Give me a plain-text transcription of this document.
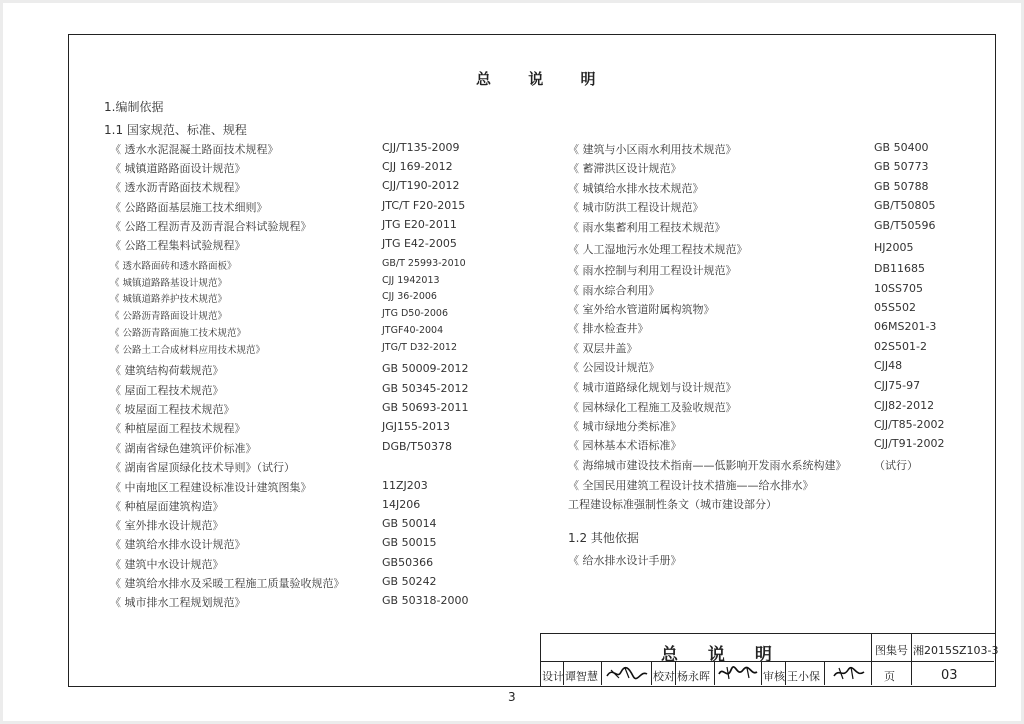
总 说 明
1.编制依据
1.1 国家规范、标准、规程
《 透水水泥混凝土路面技术规程》	CJJ/T135-2009
《 城镇道路路面设计规范》	CJJ 169-2012
《 透水沥青路面技术规程》	CJJ/T190-2012
《 公路路面基层施工技术细则》	JTC/T F20-2015
《 公路工程沥青及沥青混合料试验规程》	JTG E20-2011
《 公路工程集料试验规程》	JTG E42-2005
《 透水路面砖和透水路面板》	GB/T 25993-2010
《 城镇道路路基设计规范》	CJJ 1942013
《 城镇道路养护技术规范》	CJJ 36-2006
《 公路沥青路面设计规范》	JTG D50-2006
《 公路沥青路面施工技术规范》	JTGF40-2004
《 公路土工合成材料应用技术规范》	JTG/T D32-2012
《 建筑结构荷载规范》	GB 50009-2012
《 屋面工程技术规范》	GB 50345-2012
《 坡屋面工程技术规范》	GB 50693-2011
《 种植屋面工程技术规程》	JGJ155-2013
《 湖南省绿色建筑评价标准》	DGB/T50378
《 湖南省屋顶绿化技术导则》（试行）
《 中南地区工程建设标准设计建筑图集》	11ZJ203
《 种植屋面建筑构造》	14J206
《 室外排水设计规范》	GB 50014
《 建筑给水排水设计规范》	GB 50015
《 建筑中水设计规范》	GB50366
《 建筑给水排水及采暖工程施工质量验收规范》	GB 50242
《 城市排水工程规划规范》	GB 50318-2000
《 建筑与小区雨水利用技术规范》	GB 50400
《 蓄滞洪区设计规范》	GB 50773
《 城镇给水排水技术规范》	GB 50788
《 城市防洪工程设计规范》	GB/T50805
《 雨水集蓄利用工程技术规范》	GB/T50596
《 人工湿地污水处理工程技术规范》	HJ2005
《 雨水控制与利用工程设计规范》	DB11685
《 雨水综合利用》	10SS705
《 室外给水管道附属构筑物》	05S502
《 排水检查井》	06MS201-3
《 双层井盖》	02S501-2
《 公园设计规范》	CJJ48
《 城市道路绿化规划与设计规范》	CJJ75-97
《 园林绿化工程施工及验收规范》	CJJ82-2012
《 城市绿地分类标准》	CJJ/T85-2002
《 园林基本术语标准》	CJJ/T91-2002
《 海绵城市建设技术指南——低影响开发雨水系统构建》	（试行）
《 全国民用建筑工程设计技术措施——给水排水》
工程建设标准强制性条文（城市建设部分）
1.2 其他依据
《 给水排水设计手册》
总 说 明	图集号 湘2015SZ103-3
设计 谭智慧	校对 杨永晖	审核 王小保	页	03
3
